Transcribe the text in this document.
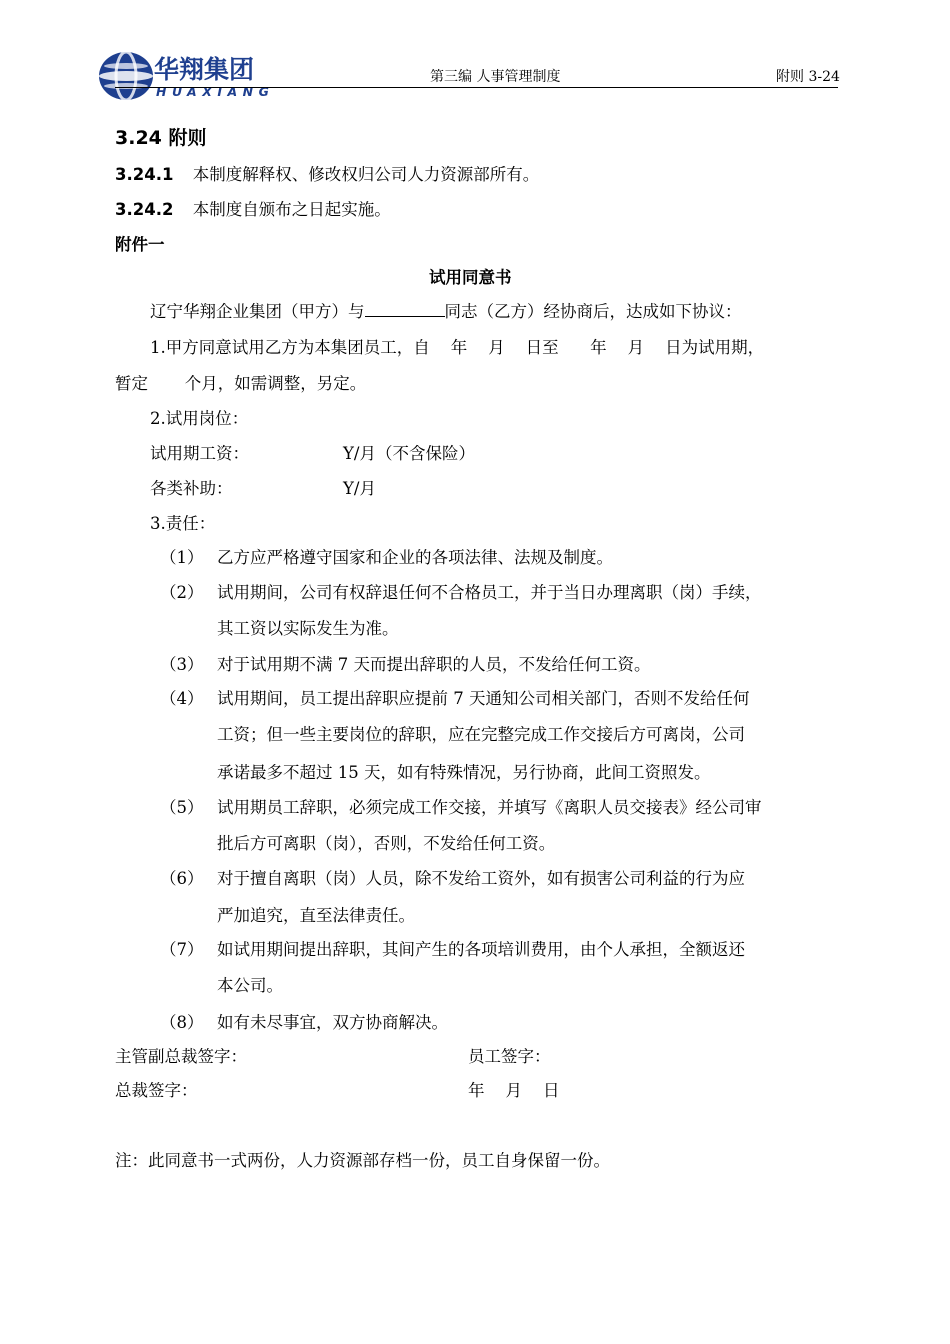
华翔集团
HUAXIANG
第三编 人事管理制度	附则 3-24
3.24 附则
3.24.1 本制度解释权、修改权归公司人力资源部所有。
3.24.2 本制度自颁布之日起实施。
附件一
试用同意书
辽宁华翔企业集团（甲方）与	同志（乙方）经协商后，达成如下协议：
1.甲方同意试用乙方为本集团员工，自    年    月    日至      年    月    日为试用期，
暂定       个月，如需调整，另定。
2.试用岗位：
试用期工资：	Y/月（不含保险）
各类补助：	Y/月
3.责任：
（1） 乙方应严格遵守国家和企业的各项法律、法规及制度。
（2） 试用期间，公司有权辞退任何不合格员工，并于当日办理离职（岗）手续，
其工资以实际发生为准。
（3） 对于试用期不满 7 天而提出辞职的人员，不发给任何工资。
（4） 试用期间，员工提出辞职应提前 7 天通知公司相关部门，否则不发给任何
工资；但一些主要岗位的辞职，应在完整完成工作交接后方可离岗，公司
承诺最多不超过 15 天，如有特殊情况，另行协商，此间工资照发。
（5） 试用期员工辞职，必须完成工作交接，并填写《离职人员交接表》经公司审
批后方可离职（岗），否则，不发给任何工资。
（6） 对于擅自离职（岗）人员，除不发给工资外，如有损害公司利益的行为应
严加追究，直至法律责任。
（7） 如试用期间提出辞职，其间产生的各项培训费用，由个人承担，全额返还
本公司。
（8） 如有未尽事宜，双方协商解决。
主管副总裁签字：	员工签字：
总裁签字：	年    月    日
注：此同意书一式两份，人力资源部存档一份，员工自身保留一份。
